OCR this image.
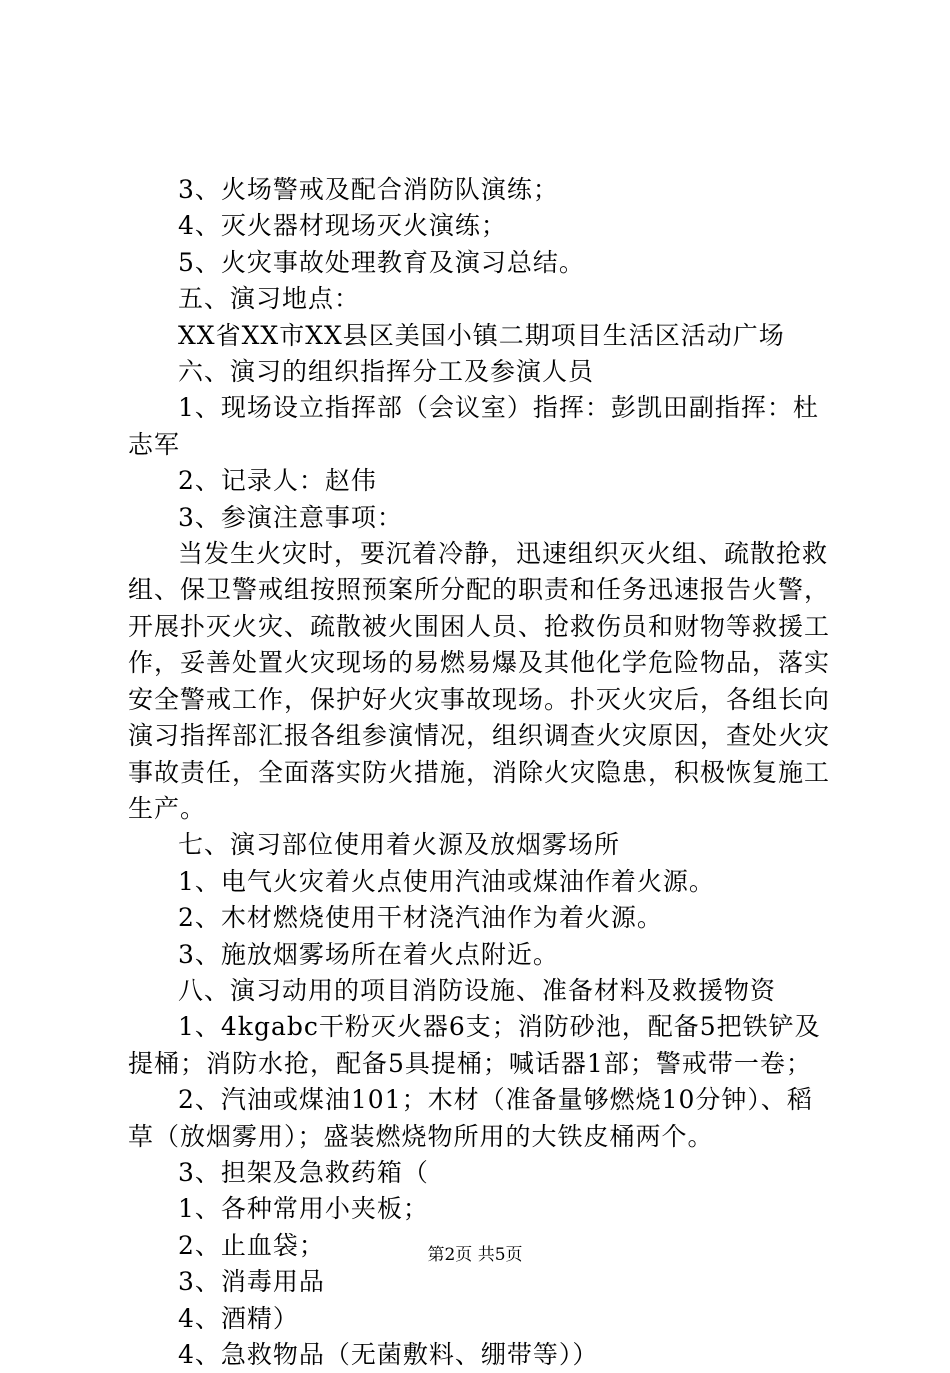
3、火场警戒及配合消防队演练；

4、灭火器材现场灭火演练；

5、火灾事故处理教育及演习总结。

五、演习地点：

XX省XX市XX县区美国小镇二期项目生活区活动广场

六、演习的组织指挥分工及参演人员

1、现场设立指挥部（会议室）指挥：彭凯田副指挥：杜志军

2、记录人：赵伟

3、参演注意事项：

当发生火灾时，要沉着冷静，迅速组织灭火组、疏散抢救组、保卫警戒组按照预案所分配的职责和任务迅速报告火警，开展扑灭火灾、疏散被火围困人员、抢救伤员和财物等救援工作，妥善处置火灾现场的易燃易爆及其他化学危险物品，落实安全警戒工作，保护好火灾事故现场。扑灭火灾后，各组长向演习指挥部汇报各组参演情况，组织调查火灾原因，查处火灾事故责任，全面落实防火措施，消除火灾隐患，积极恢复施工生产。

七、演习部位使用着火源及放烟雾场所

1、电气火灾着火点使用汽油或煤油作着火源。

2、木材燃烧使用干材浇汽油作为着火源。

3、施放烟雾场所在着火点附近。

八、演习动用的项目消防设施、准备材料及救援物资

1、4kgabc干粉灭火器6支；消防砂池，配备5把铁铲及提桶；消防水抢，配备5具提桶；喊话器1部；警戒带一卷；

2、汽油或煤油101；木材（准备量够燃烧10分钟）、稻草（放烟雾用）；盛装燃烧物所用的大铁皮桶两个。

3、担架及急救药箱（

1、各种常用小夹板；

2、止血袋；

3、消毒用品

4、酒精）

4、急救物品（无菌敷料、绷带等））

第2页 共5页
